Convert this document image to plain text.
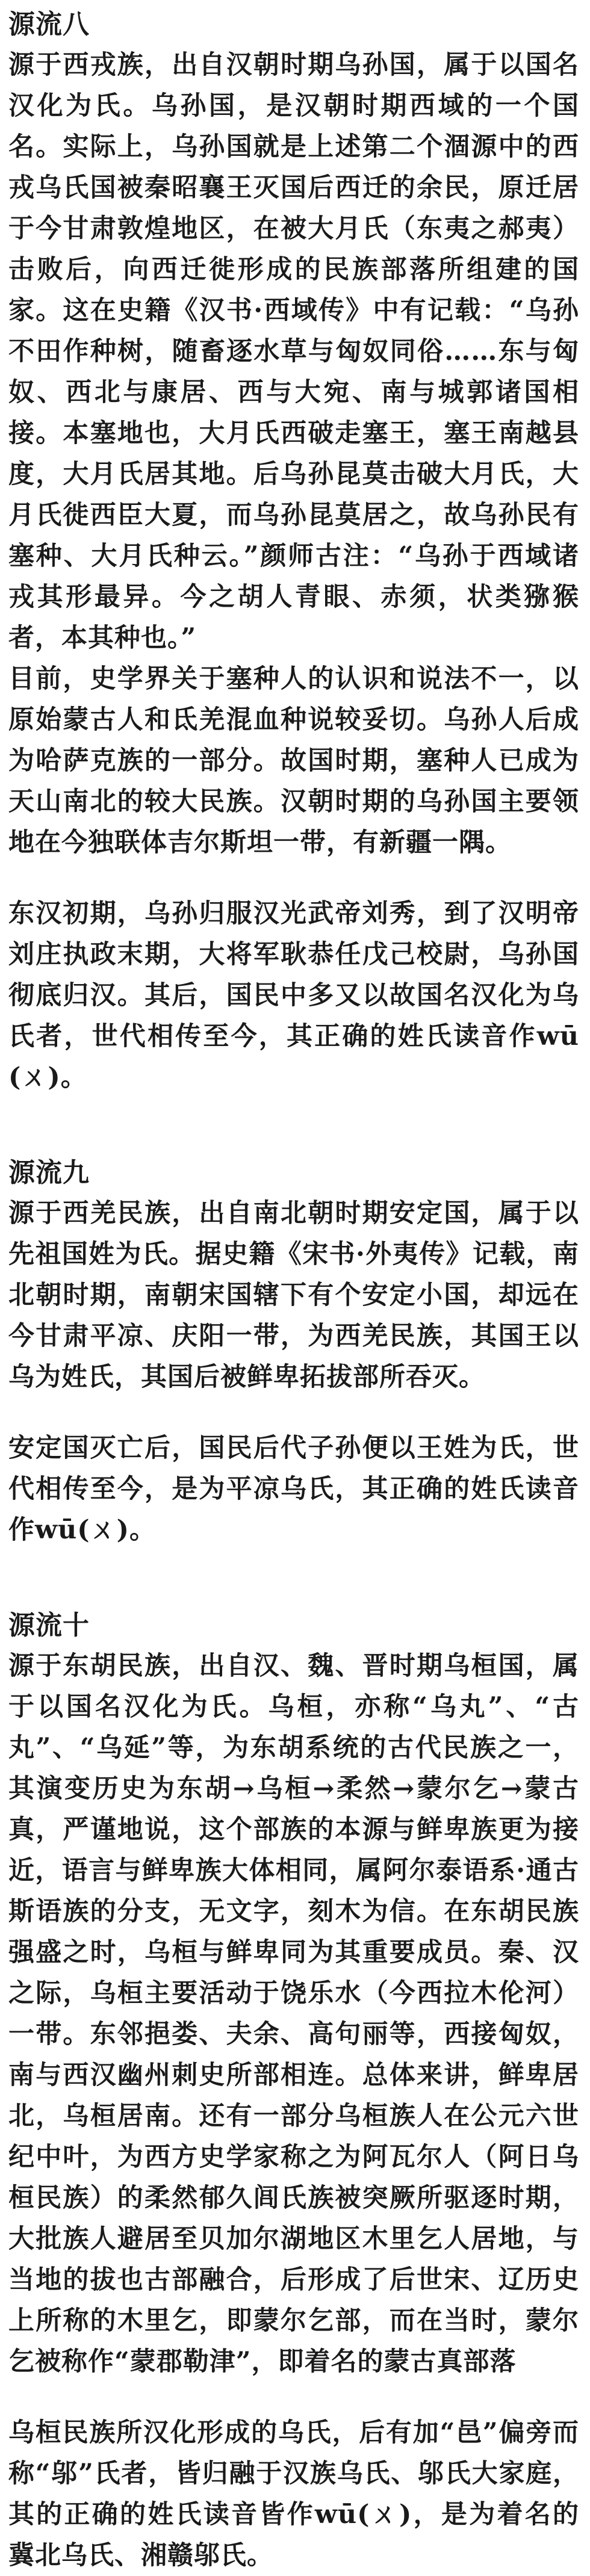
源流八
源于西戎族，出自汉朝时期乌孙国，属于以国名汉化为氏。乌孙国，是汉朝时期西域的一个国名。实际上，乌孙国就是上述第二个涸源中的西戎乌氏国被秦昭襄王灭国后西迁的余民，原迁居于今甘肃敦煌地区，在被大月氏（东夷之郝夷）击败后，向西迁徙形成的民族部落所组建的国家。这在史籍《汉书·西域传》中有记载：“乌孙不田作种树，随畜逐水草与匈奴同俗……东与匈奴、西北与康居、西与大宛、南与城郭诸国相接。本塞地也，大月氏西破走塞王，塞王南越县度，大月氏居其地。后乌孙昆莫击破大月氏，大月氏徙西臣大夏，而乌孙昆莫居之，故乌孙民有塞种、大月氏种云。”颜师古注：“乌孙于西域诸戎其形最异。今之胡人青眼、赤须，状类猕猴者，本其种也。”
目前，史学界关于塞种人的认识和说法不一，以原始蒙古人和氐羌混血种说较妥切。乌孙人后成为哈萨克族的一部分。故国时期，塞种人已成为天山南北的较大民族。汉朝时期的乌孙国主要领地在今独联体吉尔斯坦一带，有新疆一隅。
东汉初期，乌孙归服汉光武帝刘秀，到了汉明帝刘庄执政末期，大将军耿恭任戊己校尉，乌孙国彻底归汉。其后，国民中多又以故国名汉化为乌氏者，世代相传至今，其正确的姓氏读音作wū(ㄨ)。
源流九
源于西羌民族，出自南北朝时期安定国，属于以先祖国姓为氏。据史籍《宋书·外夷传》记载，南北朝时期，南朝宋国辖下有个安定小国，却远在今甘肃平凉、庆阳一带，为西羌民族，其国王以乌为姓氏，其国后被鲜卑拓拔部所吞灭。
安定国灭亡后，国民后代子孙便以王姓为氏，世代相传至今，是为平凉乌氏，其正确的姓氏读音作wū(ㄨ)。
源流十
源于东胡民族，出自汉、魏、晋时期乌桓国，属于以国名汉化为氏。乌桓，亦称“乌丸”、“古丸”、“乌延”等，为东胡系统的古代民族之一，其演变历史为东胡→乌桓→柔然→蒙尔乞→蒙古真，严谨地说，这个部族的本源与鲜卑族更为接近，语言与鲜卑族大体相同，属阿尔泰语系·通古斯语族的分支，无文字，刻木为信。在东胡民族强盛之时，乌桓与鲜卑同为其重要成员。秦、汉之际，乌桓主要活动于饶乐水（今西拉木伦河）一带。东邻挹娄、夫余、高句丽等，西接匈奴，南与西汉幽州刺史所部相连。总体来讲，鲜卑居北，乌桓居南。还有一部分乌桓族人在公元六世纪中叶，为西方史学家称之为阿瓦尔人（阿日乌桓民族）的柔然郁久闾氏族被突厥所驱逐时期，大批族人避居至贝加尔湖地区木里乞人居地，与当地的拔也古部融合，后形成了后世宋、辽历史上所称的木里乞，即蒙尔乞部，而在当时，蒙尔乞被称作“蒙郡勒津”，即着名的蒙古真部落
乌桓民族所汉化形成的乌氏，后有加“邑”偏旁而称“邬”氏者，皆归融于汉族乌氏、邬氏大家庭，其的正确的姓氏读音皆作wū(ㄨ)，是为着名的冀北乌氏、湘赣邬氏。
